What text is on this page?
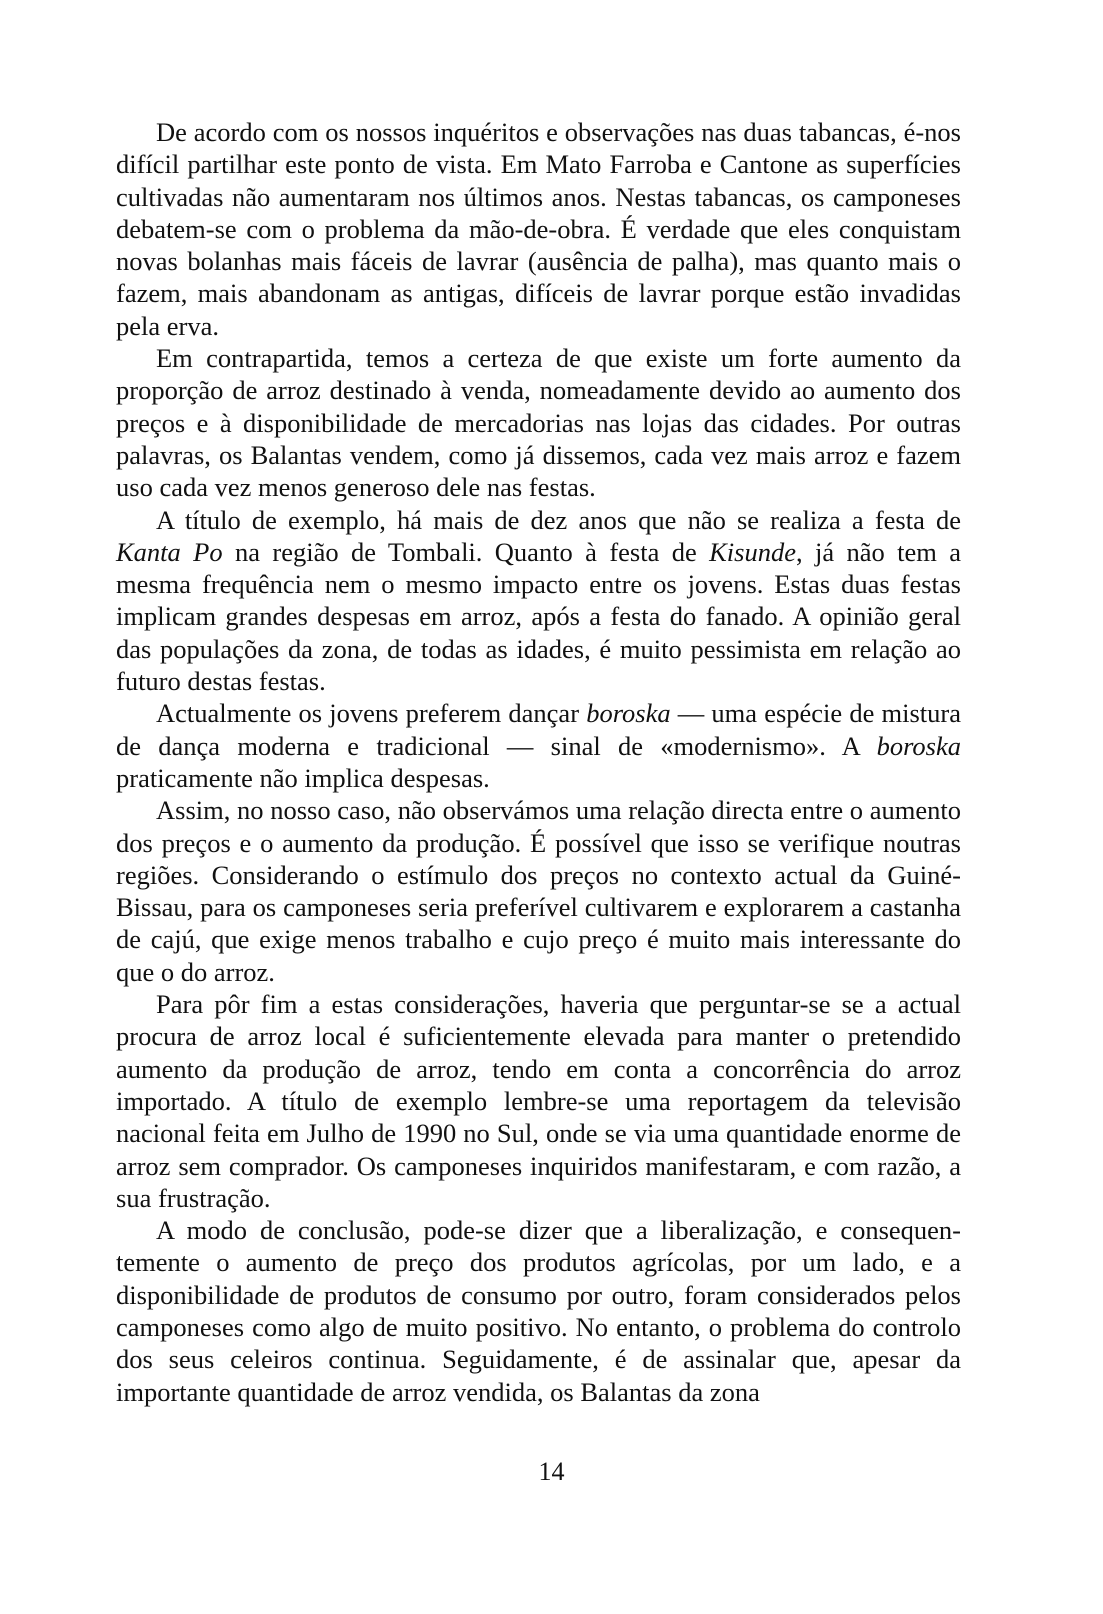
De acordo com os nossos inquéritos e observações nas duas tabancas, é-nos difícil partilhar este ponto de vista. Em Mato Farroba e Cantone as superfícies cultivadas não aumentaram nos últimos anos. Nestas tabancas, os camponeses debatem-se com o problema da mão-de-obra. É verdade que eles conquistam novas bolanhas mais fáceis de lavrar (ausência de palha), mas quanto mais o fazem, mais abandonam as antigas, difíceis de lavrar porque estão invadidas pela erva.

Em contrapartida, temos a certeza de que existe um forte aumento da proporção de arroz destinado à venda, nomeadamente devido ao aumento dos preços e à disponibilidade de mercadorias nas lojas das cidades. Por outras palavras, os Balantas vendem, como já dissemos, cada vez mais arroz e fazem uso cada vez menos generoso dele nas festas.

A título de exemplo, há mais de dez anos que não se realiza a festa de Kanta Po na região de Tombali. Quanto à festa de Kisunde, já não tem a mesma frequência nem o mesmo impacto entre os jovens. Estas duas festas implicam grandes despesas em arroz, após a festa do fanado. A opinião geral das populações da zona, de todas as idades, é muito pessimista em relação ao futuro destas festas.

Actualmente os jovens preferem dançar boroska — uma espécie de mistura de dança moderna e tradicional — sinal de «modernismo». A boroska praticamente não implica despesas.

Assim, no nosso caso, não observámos uma relação directa entre o aumento dos preços e o aumento da produção. É possível que isso se verifique noutras regiões. Considerando o estímulo dos preços no contexto actual da Guiné-Bissau, para os camponeses seria preferível cultivarem e explorarem a castanha de cajú, que exige menos trabalho e cujo preço é muito mais interessante do que o do arroz.

Para pôr fim a estas considerações, haveria que perguntar-se se a actual procura de arroz local é suficientemente elevada para manter o pretendido aumento da produção de arroz, tendo em conta a concorrência do arroz importado. A título de exemplo lembre-se uma reportagem da televisão nacional feita em Julho de 1990 no Sul, onde se via uma quantidade enorme de arroz sem comprador. Os camponeses inquiridos manifestaram, e com razão, a sua frustração.

A modo de conclusão, pode-se dizer que a liberalização, e consequentemente o aumento de preço dos produtos agrícolas, por um lado, e a disponibilidade de produtos de consumo por outro, foram considerados pelos camponeses como algo de muito positivo. No entanto, o problema do controlo dos seus celeiros continua. Seguidamente, é de assinalar que, apesar da importante quantidade de arroz vendida, os Balantas da zona

14
